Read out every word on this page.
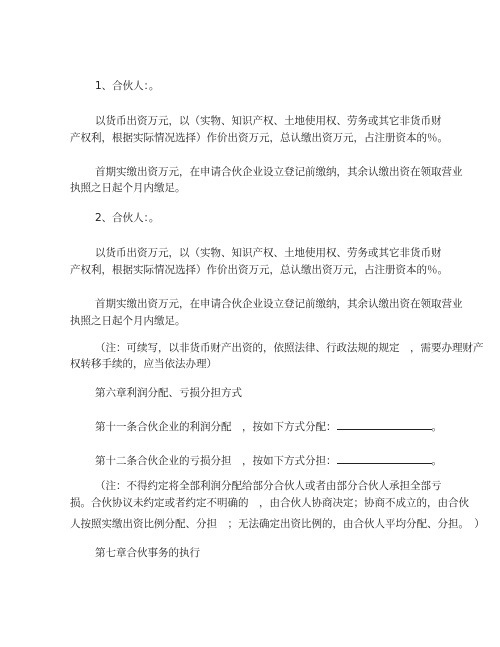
1、合伙人：。
以货币出资万元，以（实物、知识产权、土地使用权、劳务或其它非货币财
产权利，根据实际情况选择）作价出资万元，总认缴出资万元，占注册资本的％。
首期实缴出资万元，在申请合伙企业设立登记前缴纳，其余认缴出资在领取营业
执照之日起个月内缴足。
2、合伙人：。
以货币出资万元，以（实物、知识产权、土地使用权、劳务或其它非货币财
产权利，根据实际情况选择）作价出资万元，总认缴出资万元，占注册资本的％。
首期实缴出资万元，在申请合伙企业设立登记前缴纳，其余认缴出资在领取营业
执照之日起个月内缴足。
（注：可续写，以非货币财产出资的，依照法律、行政法规的规定　，需要办理财产
权转移手续的，应当依法办理）
第六章利润分配、亏损分担方式
第十一条合伙企业的利润分配　，按如下方式分配：	。
第十二条合伙企业的亏损分担　，按如下方式分担：	。
（注：不得约定将全部利润分配给部分合伙人或者由部分合伙人承担全部亏
损。合伙协议未约定或者约定不明确的　，由合伙人协商决定；协商不成立的，由合伙
人按照实缴出资比例分配、分担　；无法确定出资比例的，由合伙人平均分配、分担。　）
第七章合伙事务的执行
